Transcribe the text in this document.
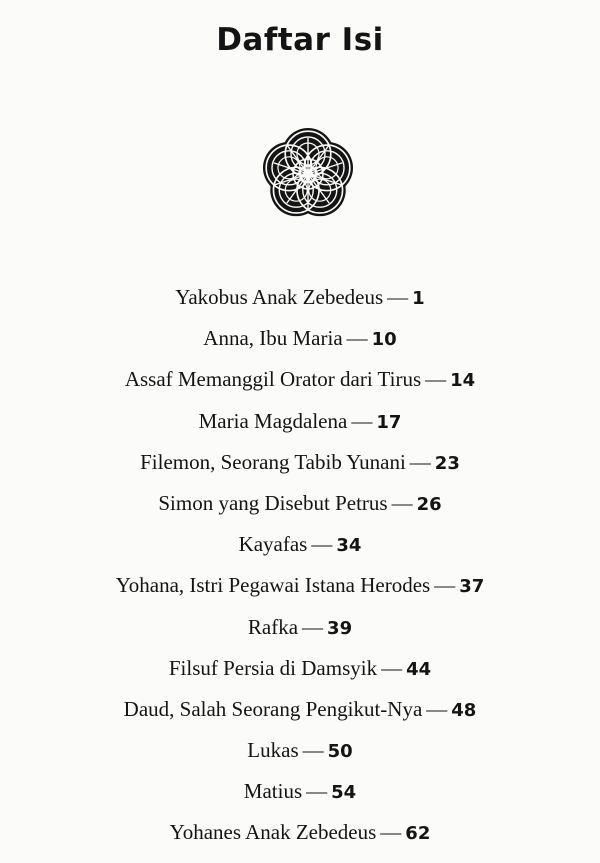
Daftar Isi
Yakobus Anak Zebedeus — 1
Anna, Ibu Maria — 10
Assaf Memanggil Orator dari Tirus — 14
Maria Magdalena — 17
Filemon, Seorang Tabib Yunani — 23
Simon yang Disebut Petrus — 26
Kayafas — 34
Yohana, Istri Pegawai Istana Herodes — 37
Rafka — 39
Filsuf Persia di Damsyik — 44
Daud, Salah Seorang Pengikut-Nya — 48
Lukas — 50
Matius — 54
Yohanes Anak Zebedeus — 62
